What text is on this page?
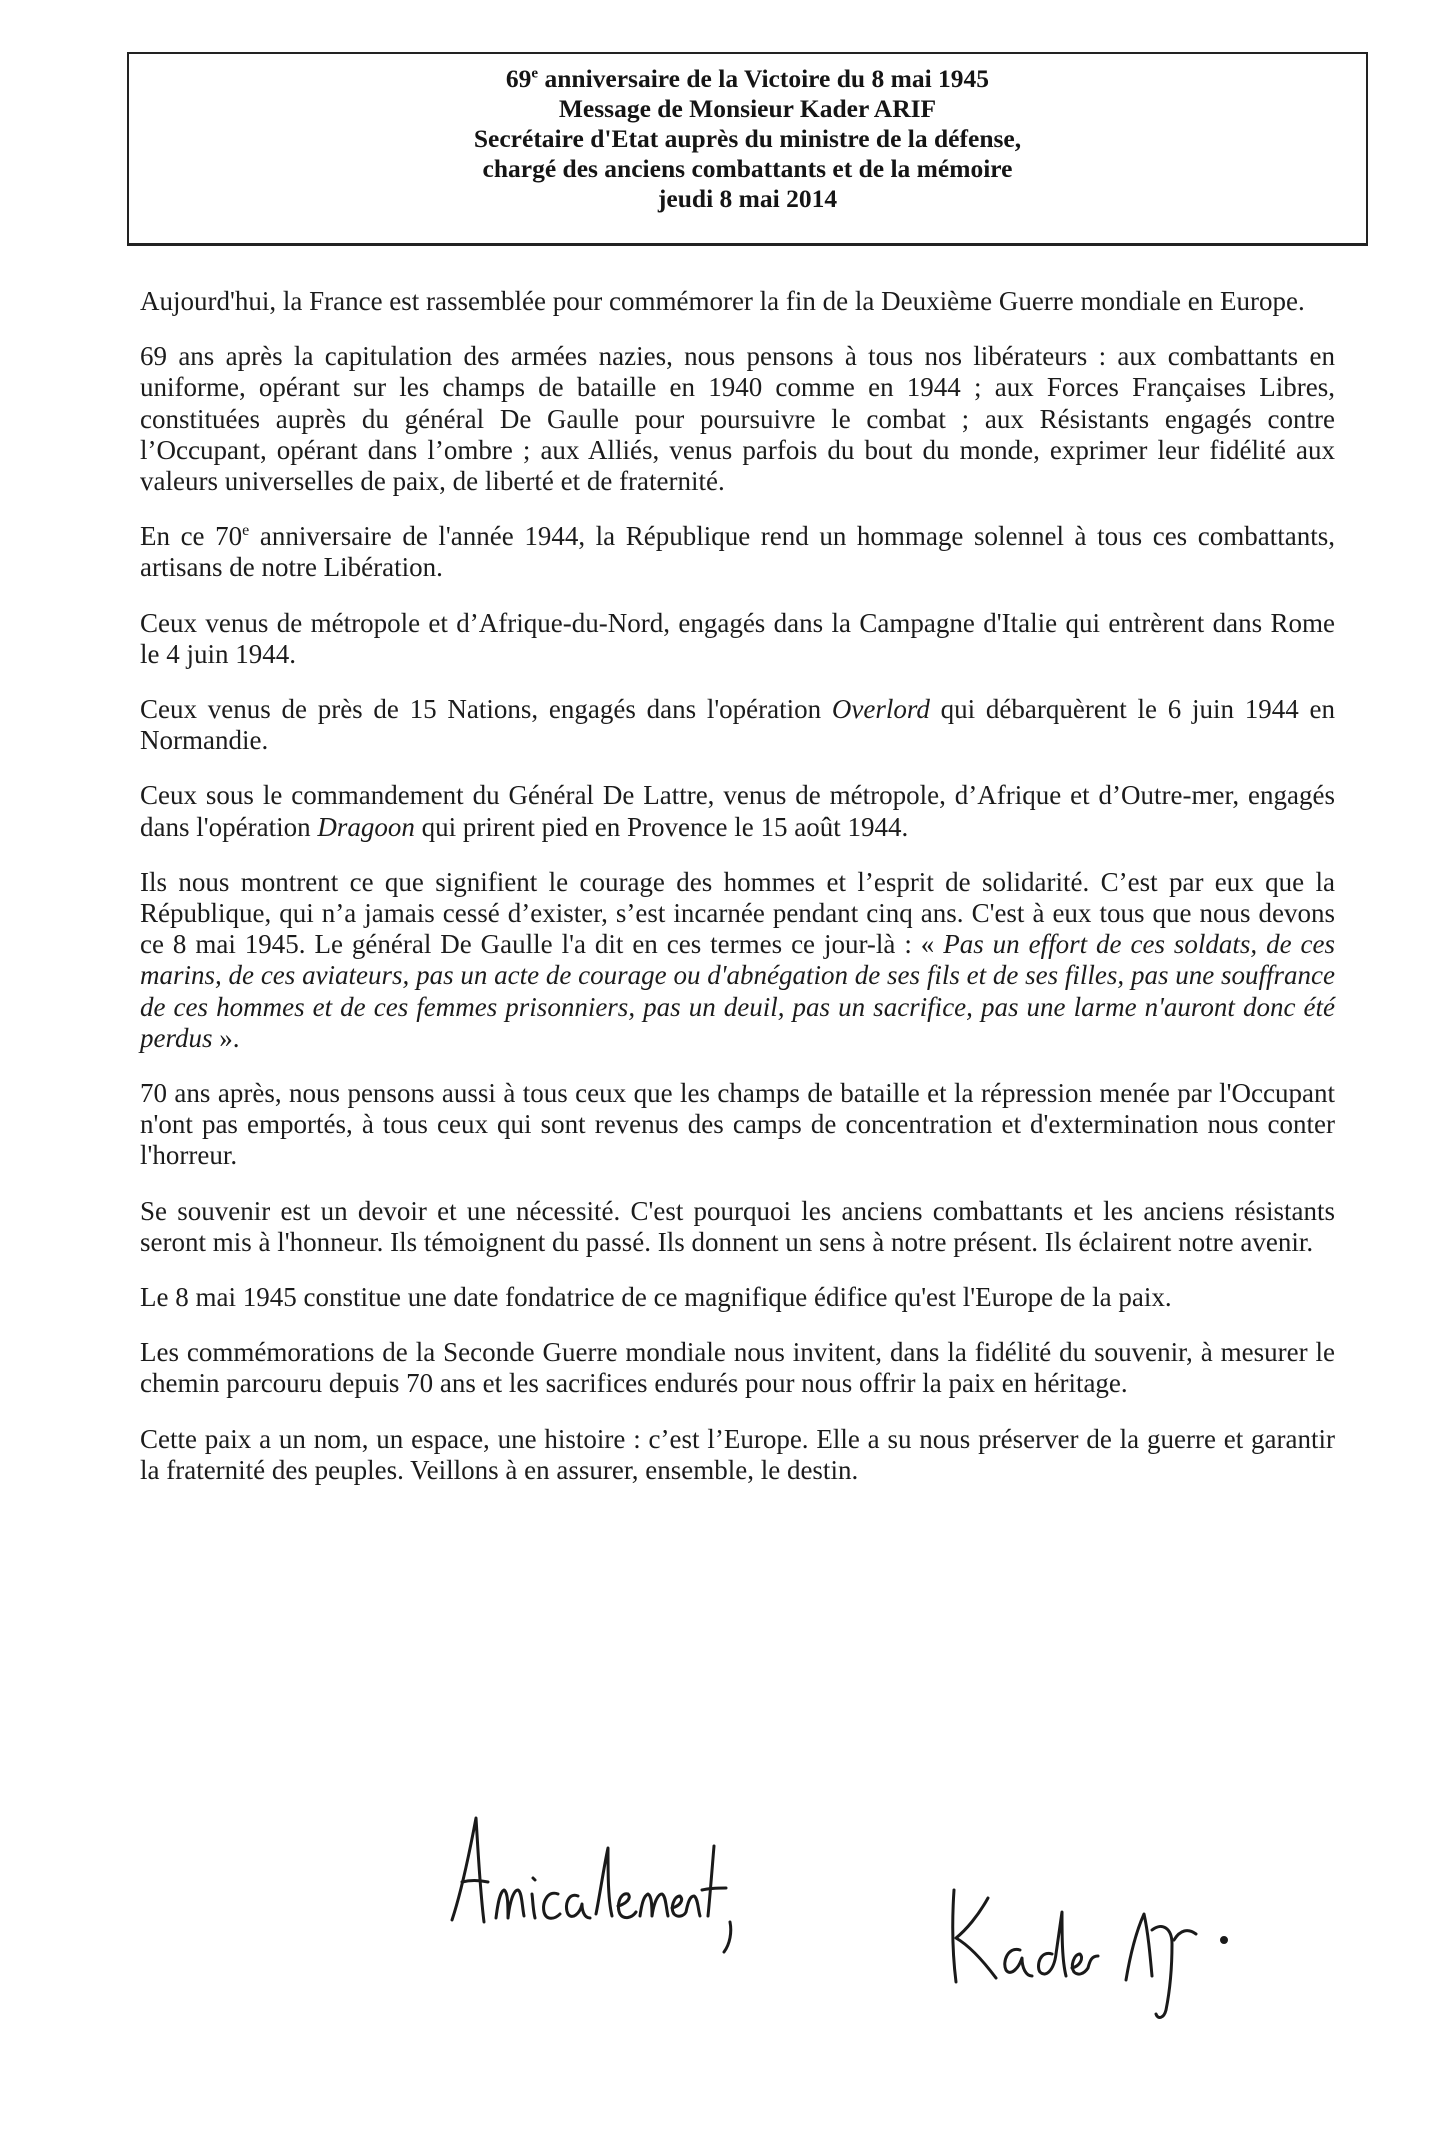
69e anniversaire de la Victoire du 8 mai 1945
Message de Monsieur Kader ARIF
Secrétaire d'Etat auprès du ministre de la défense,
chargé des anciens combattants et de la mémoire
jeudi 8 mai 2014

Aujourd'hui, la France est rassemblée pour commémorer la fin de la Deuxième Guerre mondiale en Europe.

69 ans après la capitulation des armées nazies, nous pensons à tous nos libérateurs : aux combattants en uniforme, opérant sur les champs de bataille en 1940 comme en 1944 ; aux Forces Françaises Libres, constituées auprès du général De Gaulle pour poursuivre le combat ; aux Résistants engagés contre l’Occupant, opérant dans l’ombre ; aux Alliés, venus parfois du bout du monde, exprimer leur fidélité aux valeurs universelles de paix, de liberté et de fraternité.

En ce 70e anniversaire de l'année 1944, la République rend un hommage solennel à tous ces combattants, artisans de notre Libération.

Ceux venus de métropole et d’Afrique-du-Nord, engagés dans la Campagne d'Italie qui entrèrent dans Rome le 4 juin 1944.

Ceux venus de près de 15 Nations, engagés dans l'opération Overlord qui débarquèrent le 6 juin 1944 en Normandie.

Ceux sous le commandement du Général De Lattre, venus de métropole, d’Afrique et d’Outre-mer, engagés dans l'opération Dragoon qui prirent pied en Provence le 15 août 1944.

Ils nous montrent ce que signifient le courage des hommes et l’esprit de solidarité. C’est par eux que la République, qui n’a jamais cessé d’exister, s’est incarnée pendant cinq ans. C'est à eux tous que nous devons ce 8 mai 1945. Le général De Gaulle l'a dit en ces termes ce jour-là : « Pas un effort de ces soldats, de ces marins, de ces aviateurs, pas un acte de courage ou d'abnégation de ses fils et de ses filles, pas une souffrance de ces hommes et de ces femmes prisonniers, pas un deuil, pas un sacrifice, pas une larme n'auront donc été perdus ».

70 ans après, nous pensons aussi à tous ceux que les champs de bataille et la répression menée par l'Occupant n'ont pas emportés, à tous ceux qui sont revenus des camps de concentration et d'extermination nous conter l'horreur.

Se souvenir est un devoir et une nécessité. C'est pourquoi les anciens combattants et les anciens résistants seront mis à l'honneur. Ils témoignent du passé. Ils donnent un sens à notre présent. Ils éclairent notre avenir.

Le 8 mai 1945 constitue une date fondatrice de ce magnifique édifice qu'est l'Europe de la paix.

Les commémorations de la Seconde Guerre mondiale nous invitent, dans la fidélité du souvenir, à mesurer le chemin parcouru depuis 70 ans et les sacrifices endurés pour nous offrir la paix en héritage.

Cette paix a un nom, un espace, une histoire : c’est l’Europe. Elle a su nous préserver de la guerre et garantir la fraternité des peuples. Veillons à en assurer, ensemble, le destin.
